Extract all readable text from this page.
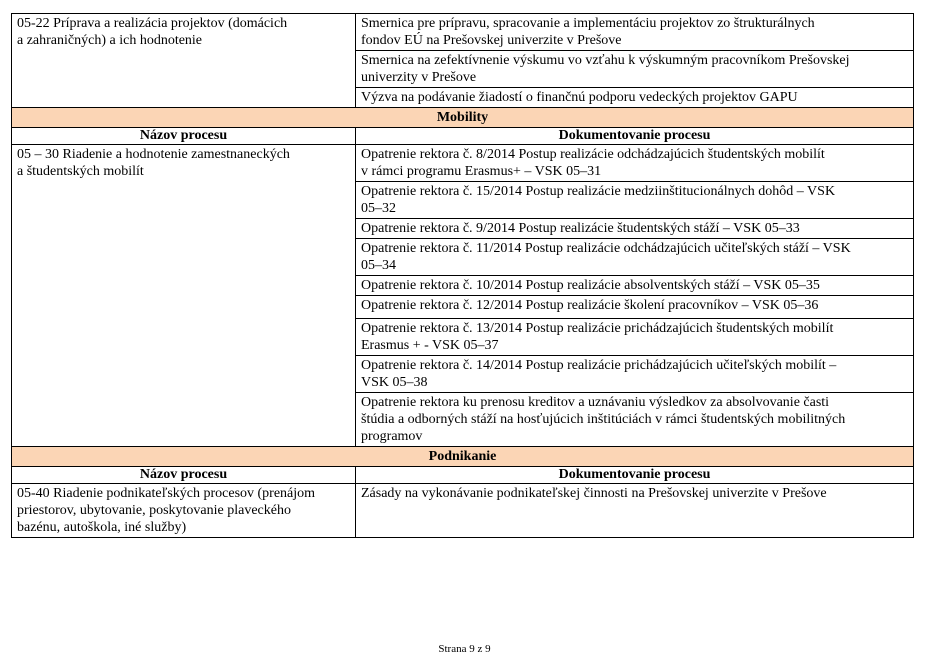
05-22 Príprava a realizácia projektov (domácich
a zahraničných) a ich hodnotenie	Smernica pre prípravu, spracovanie a implementáciu projektov zo štrukturálnych
fondov EÚ na Prešovskej univerzite v Prešove
	Smernica na zefektívnenie výskumu vo vzťahu k výskumným pracovníkom Prešovskej
univerzity v Prešove
	Výzva na podávanie žiadostí o finančnú podporu vedeckých projektov GAPU
Mobility	
Názov procesu	Dokumentovanie procesu
05 – 30 Riadenie a hodnotenie zamestnaneckých
a študentských mobilít	Opatrenie rektora č. 8/2014 Postup realizácie odchádzajúcich študentských mobilít
v rámci programu Erasmus+ – VSK 05–31
	Opatrenie rektora č. 15/2014 Postup realizácie medziinštitucionálnych dohôd – VSK
05–32
	Opatrenie rektora č. 9/2014 Postup realizácie študentských stáží – VSK 05–33
	Opatrenie rektora č. 11/2014 Postup realizácie odchádzajúcich učiteľských stáží – VSK
05–34
	Opatrenie rektora č. 10/2014 Postup realizácie absolventských stáží – VSK 05–35
	Opatrenie rektora č. 12/2014 Postup realizácie školení pracovníkov – VSK 05–36
	Opatrenie rektora č. 13/2014 Postup realizácie prichádzajúcich študentských mobilít
Erasmus + - VSK 05–37
	Opatrenie rektora č. 14/2014 Postup realizácie prichádzajúcich učiteľských mobilít –
VSK 05–38
	Opatrenie rektora ku prenosu kreditov a uznávaniu výsledkov za absolvovanie časti
štúdia a odborných stáží na hosťujúcich inštitúciách v rámci študentských mobilitných
programov
Podnikanie	
Názov procesu	Dokumentovanie procesu
05-40 Riadenie podnikateľských procesov (prenájom
priestorov, ubytovanie, poskytovanie plaveckého
bazénu, autoškola, iné služby)	Zásady na vykonávanie podnikateľskej činnosti na Prešovskej univerzite v Prešove
Strana 9 z 9
